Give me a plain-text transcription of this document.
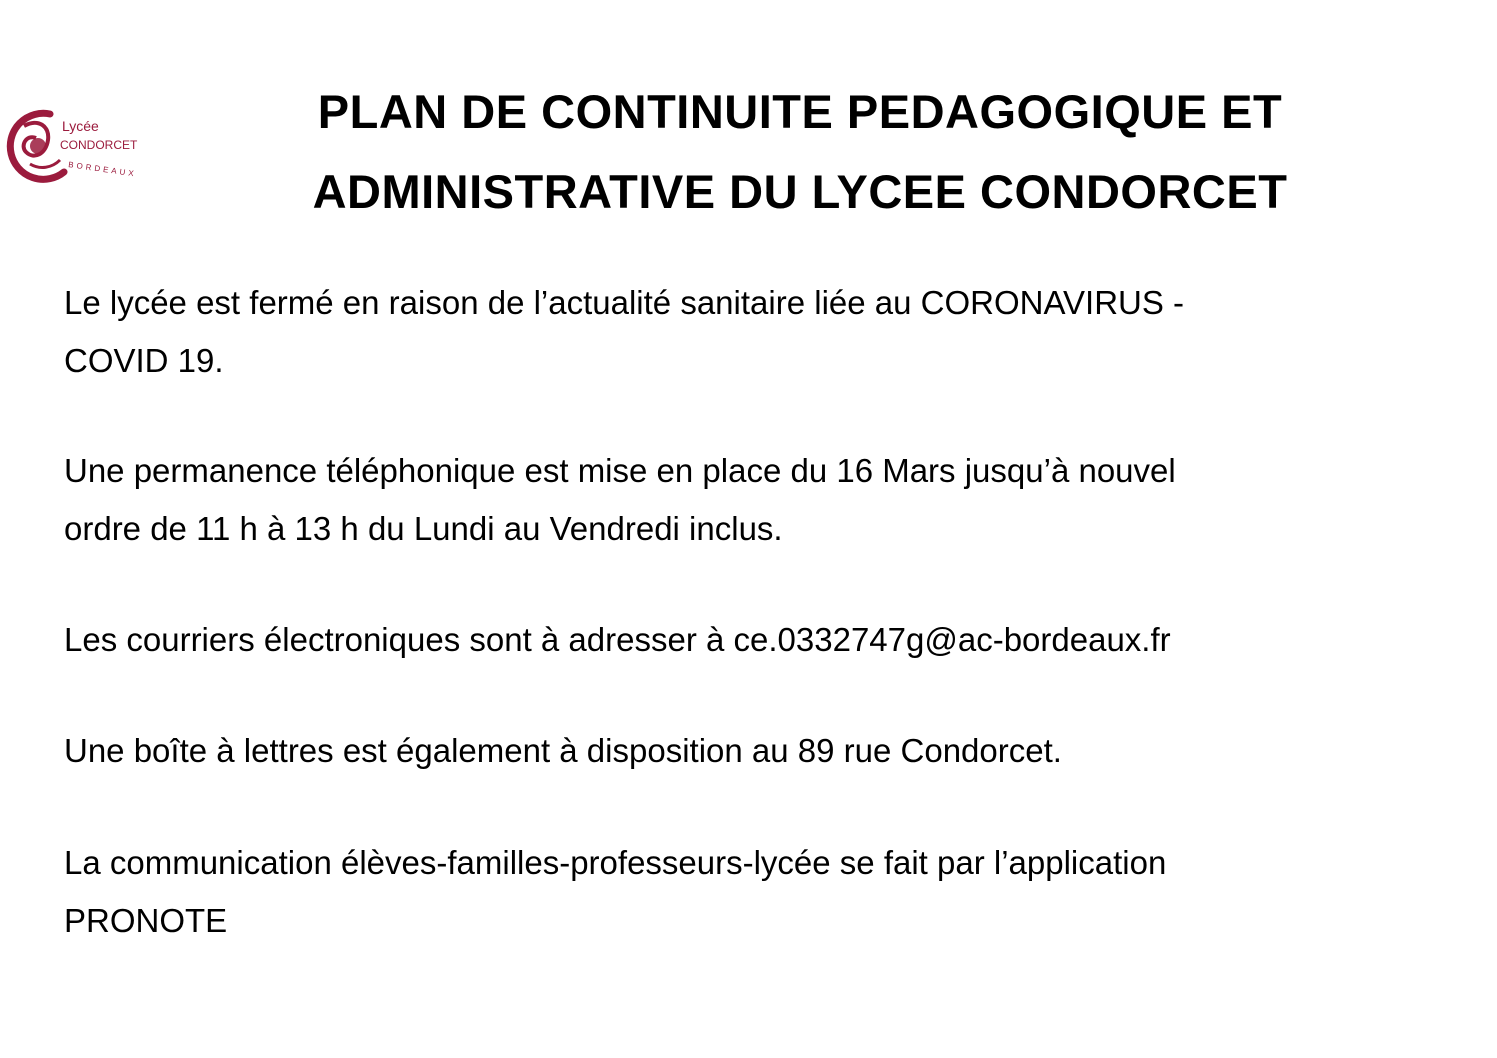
Lycée
CONDORCET
BORDEAUX
PLAN DE CONTINUITE PEDAGOGIQUE ET
ADMINISTRATIVE DU LYCEE CONDORCET

Le lycée est fermé en raison de l’actualité sanitaire liée au CORONAVIRUS -
COVID 19.

Une permanence téléphonique est mise en place du 16 Mars jusqu’à nouvel
ordre de 11 h à 13 h du Lundi au Vendredi inclus.

Les courriers électroniques sont à adresser à ce.0332747g@ac-bordeaux.fr

Une boîte à lettres est également à disposition au 89 rue Condorcet.

La communication élèves-familles-professeurs-lycée se fait par l’application
PRONOTE
